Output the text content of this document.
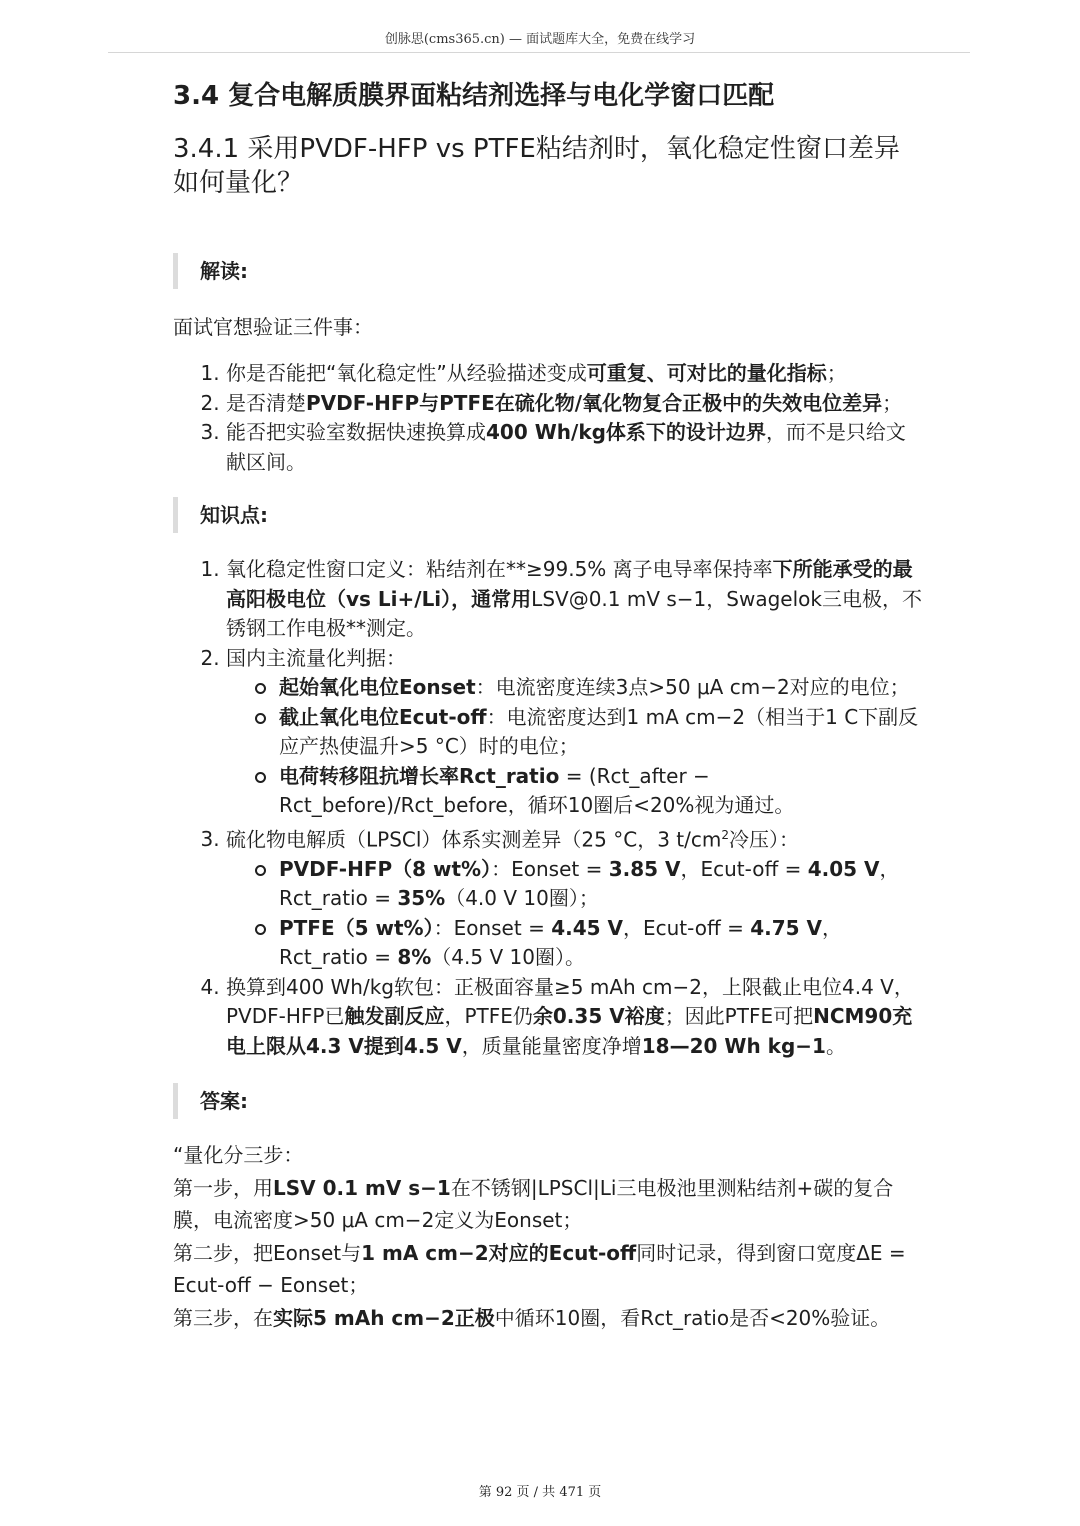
创脉思(cms365.cn) — 面试题库大全，免费在线学习
3.4 复合电解质膜界面粘结剂选择与电化学窗口匹配
3.4.1 采用PVDF-HFP vs PTFE粘结剂时，氧化稳定性窗口差异如何量化？
解读:

面试官想验证三件事：

1. 你是否能把“氧化稳定性”从经验描述变成可重复、可对比的量化指标；
2. 是否清楚PVDF-HFP与PTFE在硫化物/氧化物复合正极中的失效电位差异；
3. 能否把实验室数据快速换算成400 Wh/kg体系下的设计边界，而不是只给文献区间。
知识点:
1. 氧化稳定性窗口定义：粘结剂在**≥99.5% 离子电导率保持率下所能承受的最高阳极电位（vs Li+/Li），通常用LSV@0.1 mV s−1，Swagelok三电极，不锈钢工作电极**测定。
2. 国内主流量化判据：
起始氧化电位Eonset：电流密度连续3点>50 μA cm−2对应的电位；
截止氧化电位Ecut-off：电流密度达到1 mA cm−2（相当于1 C下副反应产热使温升>5 °C）时的电位；
电荷转移阻抗增长率Rct_ratio = (Rct_after − Rct_before)/Rct_before，循环10圈后<20%视为通过。
3. 硫化物电解质（LPSCl）体系实测差异（25 °C，3 $t/cm^2$冷压）：
PVDF-HFP（8 wt%）：Eonset = 3.85 V，Ecut-off = 4.05 V，Rct_ratio = 35%（4.0 V 10圈）；
PTFE（5 wt%）：Eonset = 4.45 V，Ecut-off = 4.75 V，Rct_ratio = 8%（4.5 V 10圈）。
4. 换算到400 Wh/kg软包：正极面容量≥5 mAh cm−2，上限截止电位4.4 V，PVDF-HFP已触发副反应，PTFE仍余0.35 V裕度；因此PTFE可把NCM90充电上限从4.3 V提到4.5 V，质量能量密度净增18—20 Wh kg−1。
答案:
“量化分三步：
第一步，用LSV 0.1 mV s−1在不锈钢|LPSCl|Li三电极池里测粘结剂+碳的复合膜，电流密度>50 μA cm−2定义为Eonset；
第二步，把Eonset与1 mA cm−2对应的Ecut-off同时记录，得到窗口宽度ΔE = Ecut-off − Eonset；
第三步，在实际5 mAh cm−2正极中循环10圈，看Rct_ratio是否<20%验证。
第 92 页 / 共 471 页
